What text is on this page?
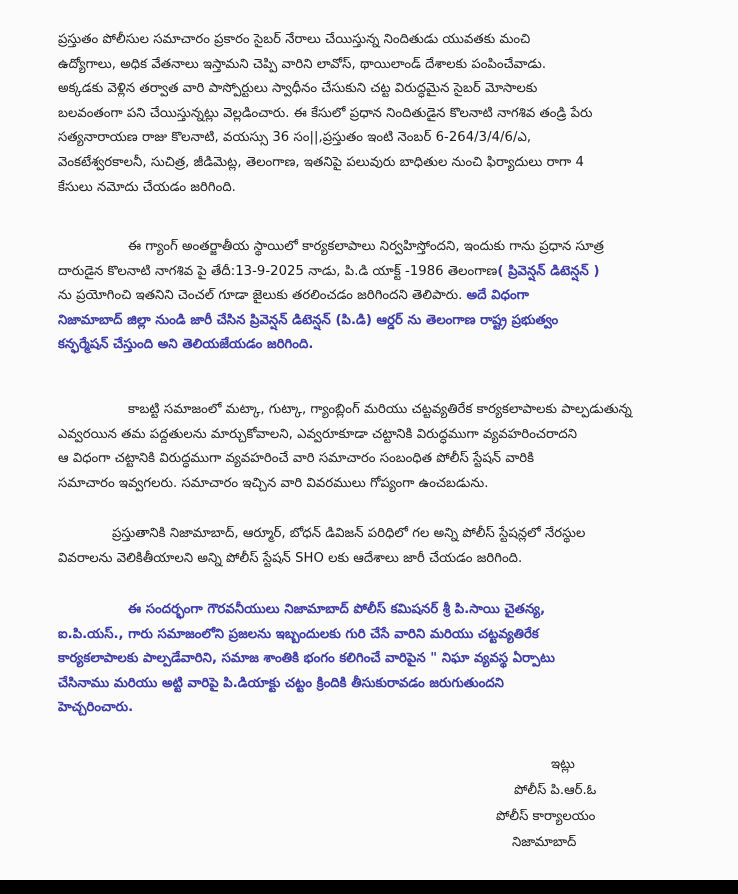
ప్రస్తుతం పోలీసుల సమాచారం ప్రకారం సైబర్ నేరాలు చేయిస్తున్న నిందితుడు యువతకు మంచి
ఉద్యోగాలు, అధిక వేతనాలు ఇస్తామని చెప్పి వారిని లావోస్, థాయిలాండ్ దేశాలకు పంపించేవాడు.
అక్కడకు వెళ్లిన తర్వాత వారి పాస్పోర్టులు స్వాధీనం చేసుకుని చట్ట విరుద్ధమైన సైబర్ మోసాలకు
బలవంతంగా పని చేయిస్తున్నట్లు వెల్లడించారు. ఈ కేసులో ప్రధాన నిందితుడైన కొలనాటి నాగశివ తండ్రి పేరు
సత్యనారాయణ రాజు కొలనాటి, వయస్సు 36 సం||,ప్రస్తుతం ఇంటి నెంబర్ 6-264/3/4/6/ఎ,
వెంకటేశ్వరకాలనీ, సుచిత్ర, జీడిమెట్ల, తెలంగాణ, ఇతనిపై పలువురు బాధితుల నుంచి ఫిర్యాదులు రాగా 4
కేసులు నమోదు చేయడం జరిగింది.

ఈ గ్యాంగ్ అంతర్జాతీయ స్థాయిలో కార్యకలాపాలు నిర్వహిస్తోందని, ఇందుకు గాను ప్రధాన సూత్ర
దారుడైన కొలనాటి నాగశివ పై తేదీ:13-9-2025 నాడు, పి.డి యాక్ట్ -1986 తెలంగాణ( ప్రివెన్షన్ డిటెన్షన్ )
ను ప్రయోగించి ఇతనిని చెంచల్ గూడా జైలుకు తరలించడం జరిగిందని తెలిపారు. అదే విధంగా
నిజామాబాద్ జిల్లా నుండి జారీ చేసిన ప్రివెన్షన్ డిటెన్షన్ (పి.డి) ఆర్డర్ ను తెలంగాణ రాష్ట్ర ప్రభుత్వం
కన్ఫర్మేషన్ చేస్తుంది అని తెలియజేయడం జరిగింది.

కాబట్టి సమాజంలో మట్కా, గుట్కా, గ్యాంబ్లింగ్ మరియు చట్టవ్యతిరేక కార్యకలాపాలకు పాల్పడుతున్న
ఎవ్వరయిన తమ పద్దతులను మార్చుకోవాలని, ఎవ్వరూకూడా చట్టానికి విరుద్ధముగా వ్యవహరించరాదని
ఆ విధంగా చట్టానికి విరుద్ధముగా వ్యవహరించే వారి సమాచారం సంబంధిత పోలీస్ స్టేషన్ వారికి
సమాచారం ఇవ్వగలరు. సమాచారం ఇచ్చిన వారి వివరములు గోప్యంగా ఉంచబడును.

ప్రస్తుతానికి నిజామాబాద్, ఆర్మూర్, బోధన్ డివిజన్ పరిధిలో గల అన్ని పోలీస్ స్టేషన్లలో నేరస్థుల
వివరాలను వెలికితీయాలని అన్ని పోలీస్ స్టేషన్ SHO లకు ఆదేశాలు జారీ చేయడం జరిగింది.

ఈ సందర్భంగా గౌరవనీయులు నిజామాబాద్ పోలీస్ కమిషనర్ శ్రీ పి.సాయి చైతన్య,
ఐ.పి.యస్., గారు సమాజంలోని ప్రజలను ఇబ్బందులకు గురి చేసే వారిని మరియు చట్టవ్యతిరేక
కార్యకలాపాలకు పాల్పడేవారిని, సమాజ శాంతికి భంగం కలిగించే వారిపైన " నిఘా వ్యవస్థ ఏర్పాటు
చేసినాము మరియు అట్టి వారిపై పి.డియాక్టు చట్టం క్రిందికి తీసుకురావడం జరుగుతుందని
హెచ్చరించారు.

ఇట్లు
పోలీస్ పి.ఆర్.ఓ
పోలీస్ కార్యాలయం
నిజామాబాద్
